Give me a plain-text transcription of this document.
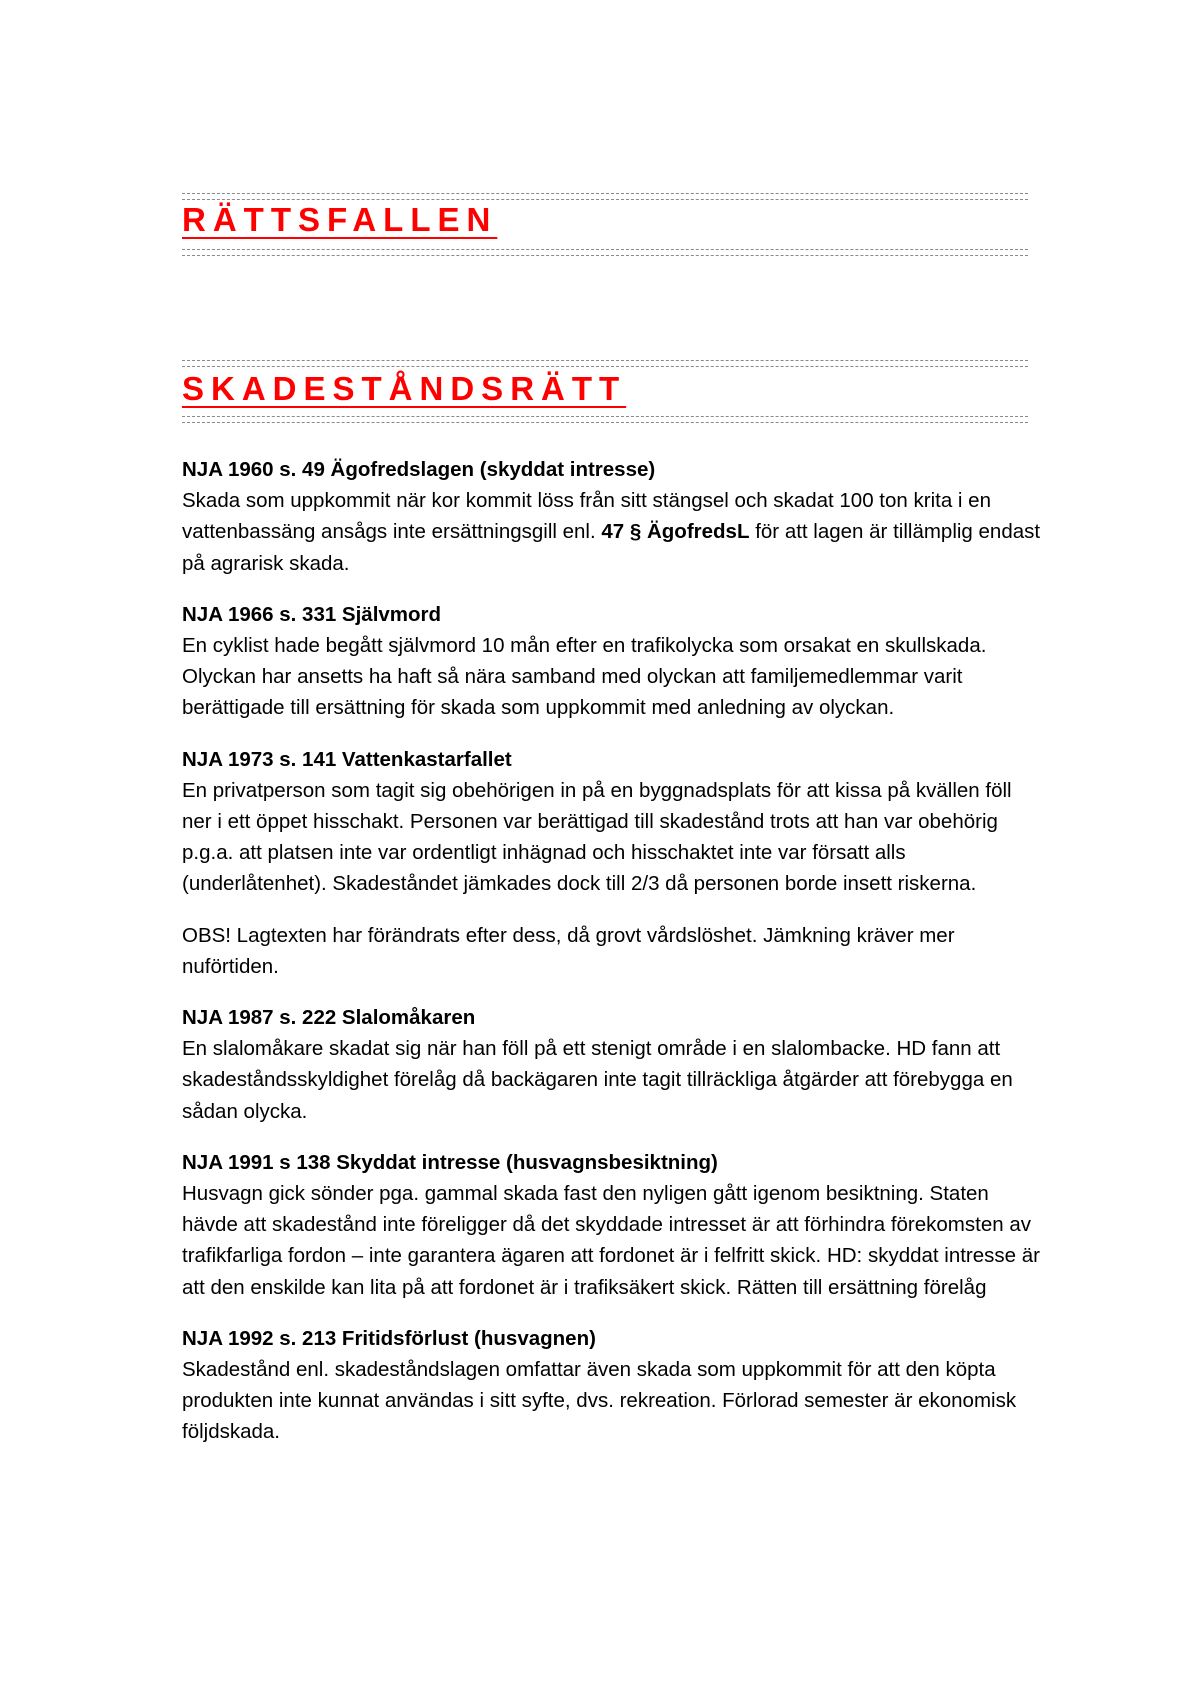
RÄTTSFALLEN
SKADESTÅNDSRÄTT
NJA 1960 s. 49 Ägofredslagen (skyddat intresse)
Skada som uppkommit när kor kommit löss från sitt stängsel och skadat 100 ton krita i en vattenbassäng ansågs inte ersättningsgill enl. 47 § ÄgofredsL för att lagen är tillämplig endast på agrarisk skada.
NJA 1966 s. 331 Självmord
En cyklist hade begått självmord 10 mån efter en trafikolycka som orsakat en skullskada. Olyckan har ansetts ha haft så nära samband med olyckan att familjemedlemmar varit berättigade till ersättning för skada som uppkommit med anledning av olyckan.
NJA 1973 s. 141 Vattenkastarfallet
En privatperson som tagit sig obehörigen in på en byggnadsplats för att kissa på kvällen föll ner i ett öppet hisschakt. Personen var berättigad till skadestånd trots att han var obehörig p.g.a. att platsen inte var ordentligt inhägnad och hisschaktet inte var försatt alls (underlåtenhet). Skadeståndet jämkades dock till 2/3 då personen borde insett riskerna.
OBS! Lagtexten har förändrats efter dess, då grovt vårdslöshet. Jämkning kräver mer nuförtiden.
NJA 1987 s. 222 Slalomåkaren
En slalomåkare skadat sig när han föll på ett stenigt område i en slalombacke. HD fann att skadeståndsskyldighet förelåg då backägaren inte tagit tillräckliga åtgärder att förebygga en sådan olycka.
NJA 1991 s 138 Skyddat intresse (husvagnsbesiktning)
Husvagn gick sönder pga. gammal skada fast den nyligen gått igenom besiktning. Staten hävde att skadestånd inte föreligger då det skyddade intresset är att förhindra förekomsten av trafikfarliga fordon – inte garantera ägaren att fordonet är i felfritt skick. HD: skyddat intresse är att den enskilde kan lita på att fordonet är i trafiksäkert skick. Rätten till ersättning förelåg
NJA 1992 s. 213 Fritidsförlust (husvagnen)
Skadestånd enl. skadeståndslagen omfattar även skada som uppkommit för att den köpta produkten inte kunnat användas i sitt syfte, dvs. rekreation. Förlorad semester är ekonomisk följdskada.
